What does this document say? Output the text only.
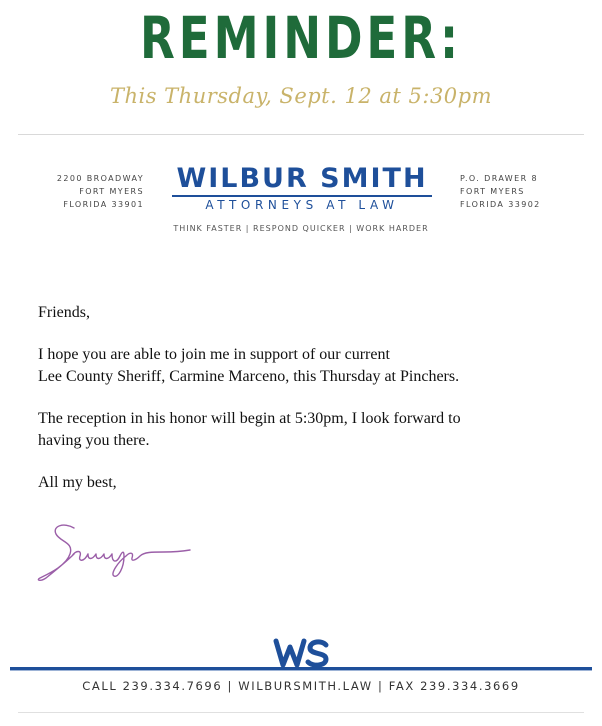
REMINDER:
This Thursday, Sept. 12 at 5:30pm
2200 BROADWAY
FORT MYERS
FLORIDA 33901
WILBUR SMITH
ATTORNEYS AT LAW
P.O. DRAWER 8
FORT MYERS
FLORIDA 33902
THINK FASTER | RESPOND QUICKER | WORK HARDER

Friends,

I hope you are able to join me in support of our current
Lee County Sheriff, Carmine Marceno, this Thursday at Pinchers.

The reception in his honor will begin at 5:30pm, I look forward to
having you there.

All my best,

CALL 239.334.7696 | WILBURSMITH.LAW | FAX 239.334.3669
